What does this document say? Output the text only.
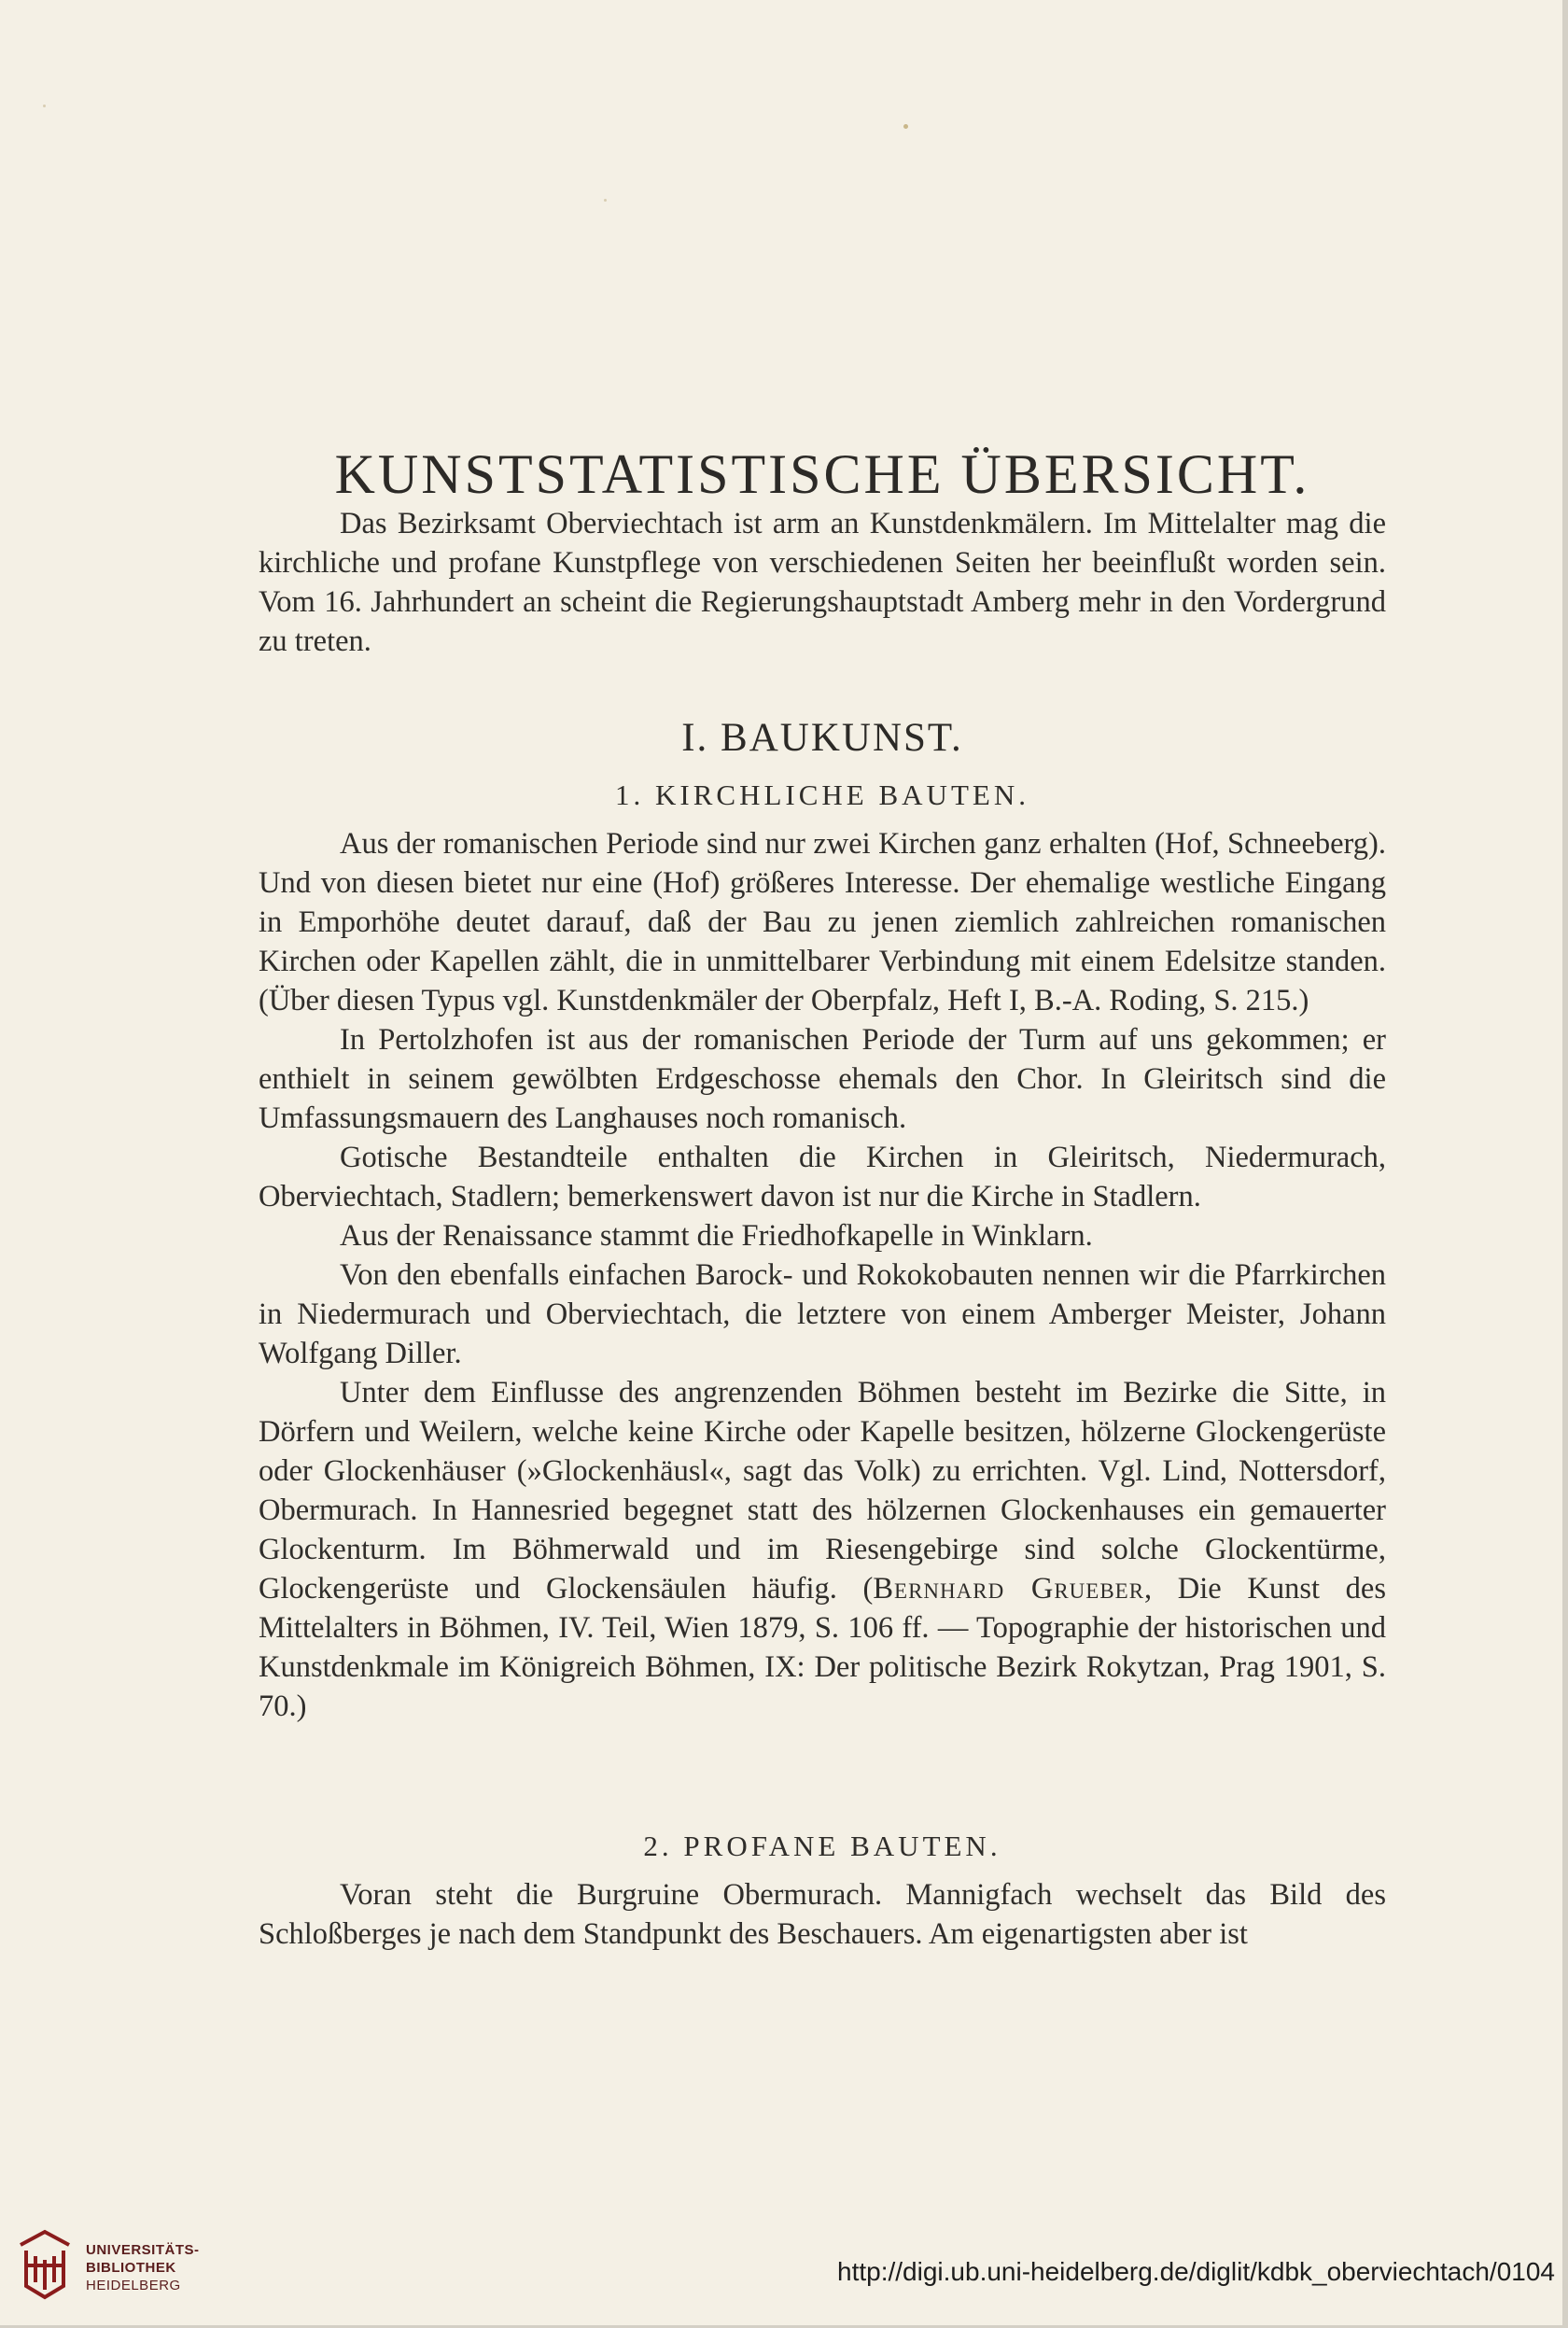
KUNSTSTATISTISCHE ÜBERSICHT.

Das Bezirksamt Oberviechtach ist arm an Kunstdenkmälern. Im Mittelalter mag die kirchliche und profane Kunstpflege von verschiedenen Seiten her beeinflußt worden sein. Vom 16. Jahrhundert an scheint die Regierungshauptstadt Amberg mehr in den Vordergrund zu treten.

I. BAUKUNST.
1. KIRCHLICHE BAUTEN.

Aus der romanischen Periode sind nur zwei Kirchen ganz erhalten (Hof, Schneeberg). Und von diesen bietet nur eine (Hof) größeres Interesse. Der ehemalige westliche Eingang in Emporhöhe deutet darauf, daß der Bau zu jenen ziemlich zahlreichen romanischen Kirchen oder Kapellen zählt, die in unmittelbarer Verbindung mit einem Edelsitze standen. (Über diesen Typus vgl. Kunstdenkmäler der Oberpfalz, Heft I, B.-A. Roding, S. 215.)

In Pertolzhofen ist aus der romanischen Periode der Turm auf uns gekommen; er enthielt in seinem gewölbten Erdgeschosse ehemals den Chor. In Gleiritsch sind die Umfassungsmauern des Langhauses noch romanisch.

Gotische Bestandteile enthalten die Kirchen in Gleiritsch, Niedermurach, Oberviechtach, Stadlern; bemerkenswert davon ist nur die Kirche in Stadlern.

Aus der Renaissance stammt die Friedhofkapelle in Winklarn.

Von den ebenfalls einfachen Barock- und Rokokobauten nennen wir die Pfarrkirchen in Niedermurach und Oberviechtach, die letztere von einem Amberger Meister, Johann Wolfgang Diller.

Unter dem Einflusse des angrenzenden Böhmen besteht im Bezirke die Sitte, in Dörfern und Weilern, welche keine Kirche oder Kapelle besitzen, hölzerne Glockengerüste oder Glockenhäuser (»Glockenhäusl«, sagt das Volk) zu errichten. Vgl. Lind, Nottersdorf, Obermurach. In Hannesried begegnet statt des hölzernen Glockenhauses ein gemauerter Glockenturm. Im Böhmerwald und im Riesengebirge sind solche Glockentürme, Glockengerüste und Glockensäulen häufig. (Bernhard Grueber, Die Kunst des Mittelalters in Böhmen, IV. Teil, Wien 1879, S. 106 ff. — Topographie der historischen und Kunstdenkmale im Königreich Böhmen, IX: Der politische Bezirk Rokytzan, Prag 1901, S. 70.)

2. PROFANE BAUTEN.

Voran steht die Burgruine Obermurach. Mannigfach wechselt das Bild des Schloßberges je nach dem Standpunkt des Beschauers. Am eigenartigsten aber ist

UNIVERSITÄTS-
BIBLIOTHEK
HEIDELBERG	http://digi.ub.uni-heidelberg.de/diglit/kdbk_oberviechtach/0104
